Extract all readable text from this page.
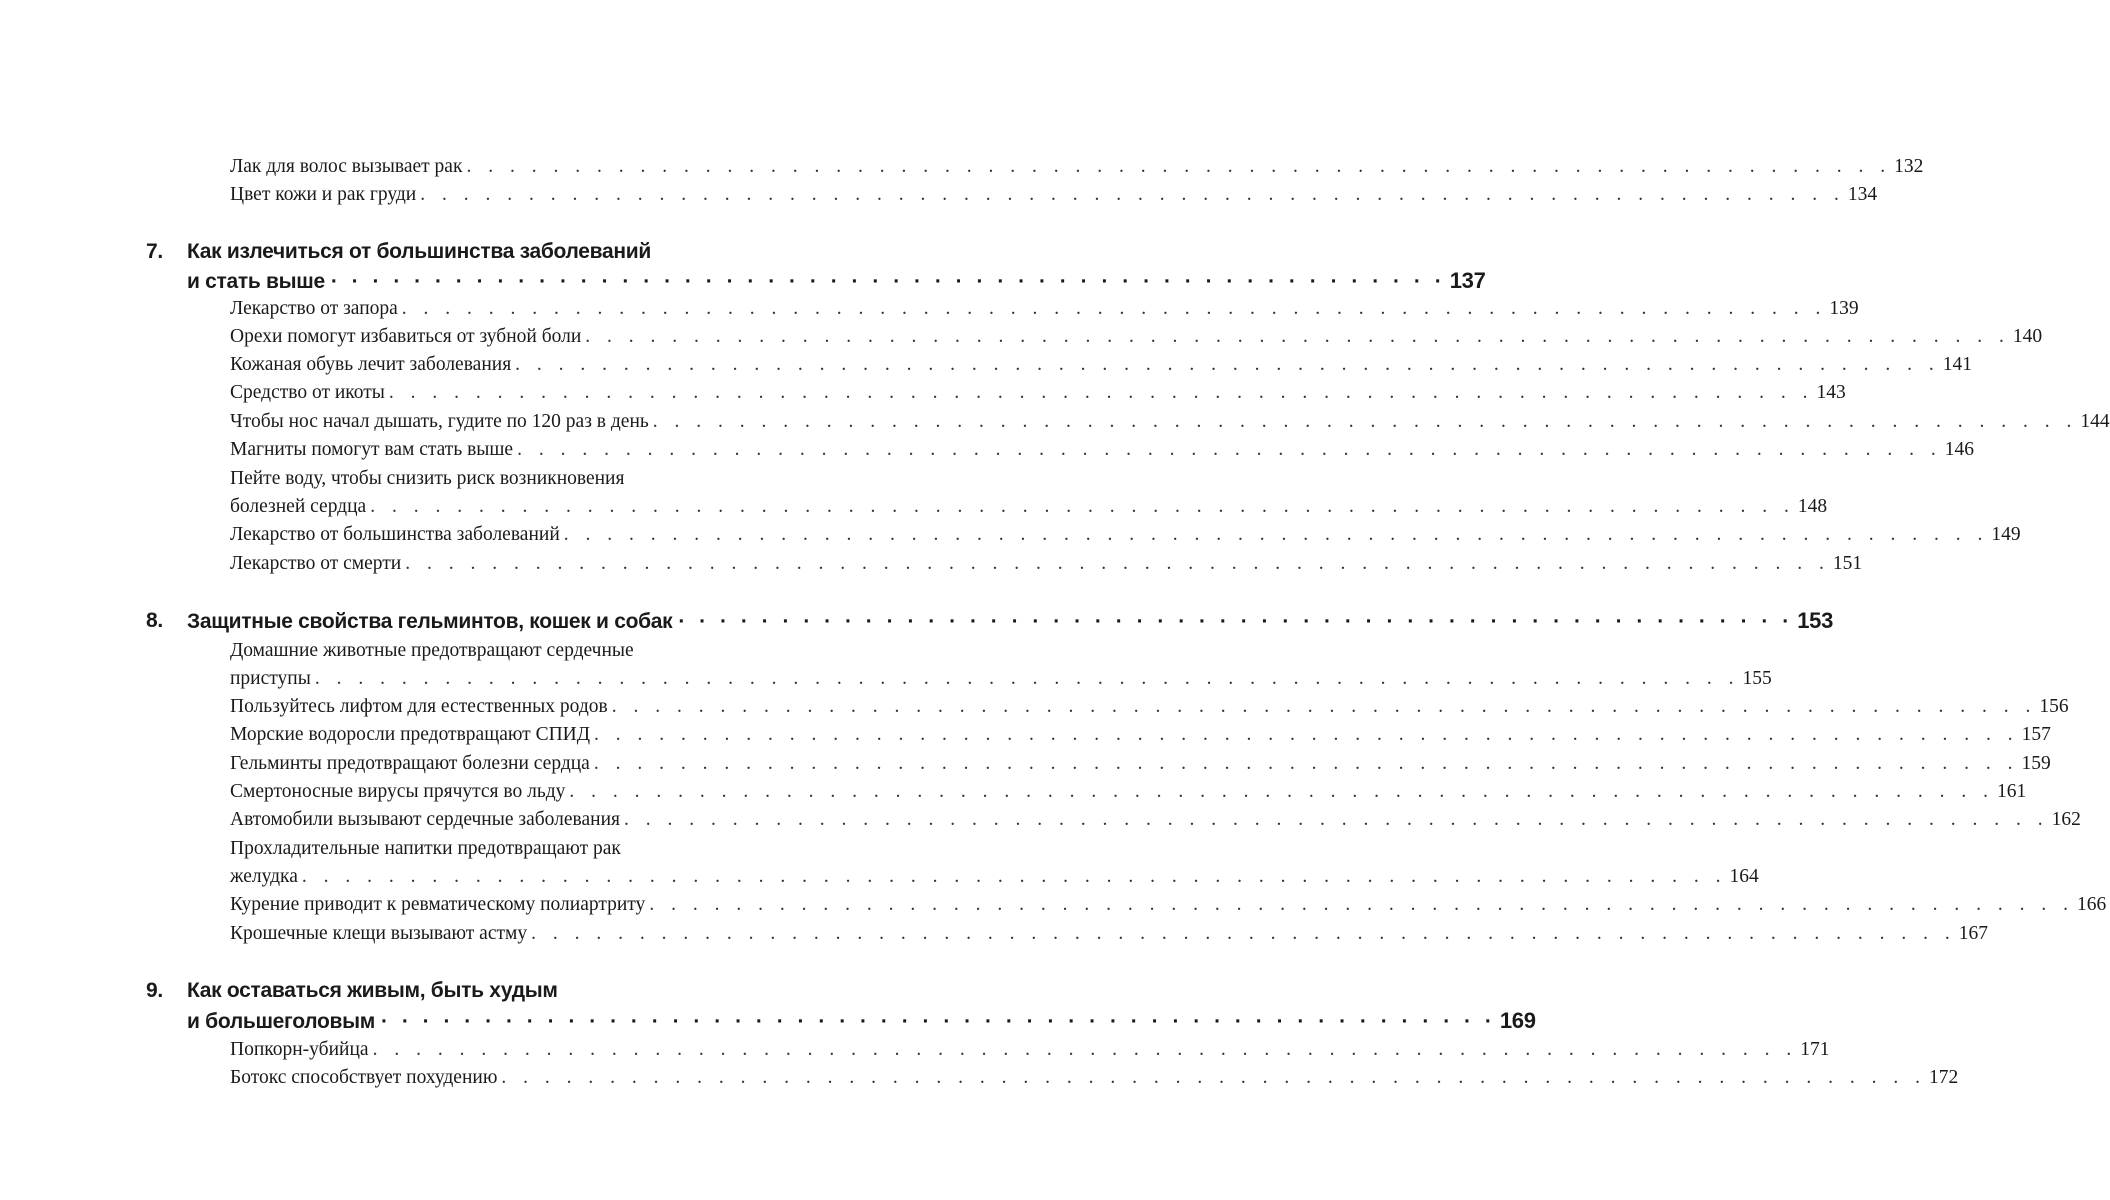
Лак для волос вызывает рак . . .	132
Цвет кожи и рак груди . . .	134
7.	Как излечиться от большинства заболеваний
и стать выше · · ·	137
Лекарство от запора . . .	139
Орехи помогут избавиться от зубной боли . . .	140
Кожаная обувь лечит заболевания . . .	141
Средство от икоты . . .	143
Чтобы нос начал дышать, гудите по 120 раз в день . . .	144
Магниты помогут вам стать выше . . .	146
Пейте воду, чтобы снизить риск возникновения
болезней сердца . . .	148
Лекарство от большинства заболеваний . . .	149
Лекарство от смерти . . .	151
8.	Защитные свойства гельминтов, кошек и собак · · ·	153
Домашние животные предотвращают сердечные
приступы . . .	155
Пользуйтесь лифтом для естественных родов . . .	156
Морские водоросли предотвращают СПИД . . .	157
Гельминты предотвращают болезни сердца . . .	159
Смертоносные вирусы прячутся во льду . . .	161
Автомобили вызывают сердечные заболевания . . .	162
Прохладительные напитки предотвращают рак
желудка . . .	164
Курение приводит к ревматическому полиартриту . . .	166
Крошечные клещи вызывают астму . . .	167
9.	Как оставаться живым, быть худым
и большеголовым · · ·	169
Попкорн-убийца . . .	171
Ботокс способствует похудению . . .	172
